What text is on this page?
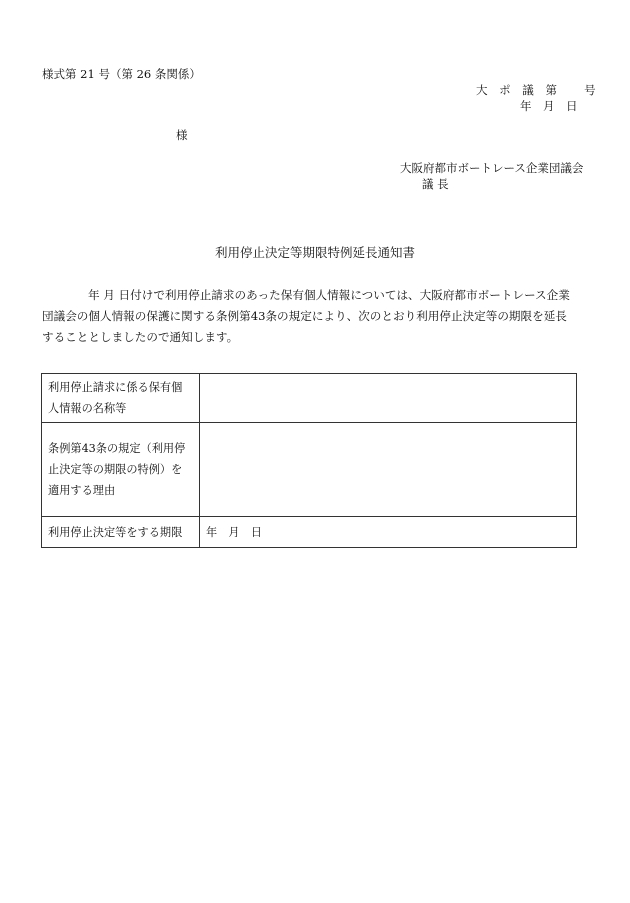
様式第 21 号（第 26 条関係）
大 ポ 議 第　 号
年　月　日
様
大阪府都市ボートレース企業団議会
議 長
利用停止決定等期限特例延長通知書
年 月 日付けで利用停止請求のあった保有個人情報については、大阪府都市ボートレース企業
団議会の個人情報の保護に関する条例第43条の規定により、次のとおり利用停止決定等の期限を延長
することとしましたので通知します。
利用停止請求に係る保有個
人情報の名称等	

条例第43条の規定（利用停
止決定等の期限の特例）を
適用する理由	

利用停止決定等をする期限	年　月　日
